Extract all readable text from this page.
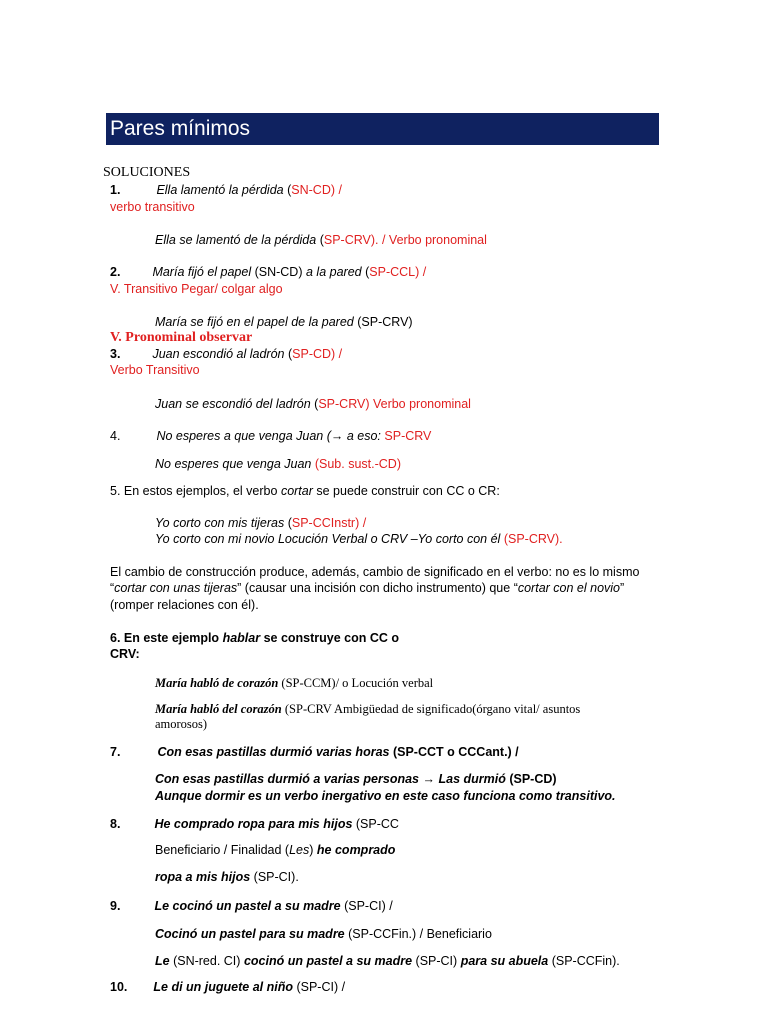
Pares mínimos
SOLUCIONES
1.	Ella lamentó la pérdida (SN-CD) /
verbo transitivo
Ella se lamentó de la pérdida (SP-CRV). / Verbo pronominal
2.	María fijó el papel (SN-CD) a la pared (SP-CCL) /
V. Transitivo Pegar/ colgar algo
María se fijó en el papel de la pared (SP-CRV)
V. Pronominal observar
3.	Juan escondió al ladrón (SP-CD) /
Verbo Transitivo
Juan se escondió del ladrón (SP-CRV) Verbo pronominal
4.	No esperes a que venga Juan (→ a eso: SP-CRV
No esperes que venga Juan (Sub. sust.-CD)
5. En estos ejemplos, el verbo cortar se puede construir con CC o CR:
Yo corto con mis tijeras (SP-CCInstr) /
Yo corto con mi novio Locución Verbal o CRV –Yo corto con él (SP-CRV).
El cambio de construcción produce, además, cambio de significado en el verbo: no es lo mismo
“cortar con unas tijeras” (causar una incisión con dicho instrumento) que “cortar con el novio”
(romper relaciones con él).
6. En este ejemplo hablar se construye con CC o
CRV:
María habló de corazón (SP-CCM)/ o Locución verbal
María habló del corazón (SP-CRV Ambigüedad de significado(órgano vital/ asuntos
amorosos)
7.	Con esas pastillas durmió varias horas (SP-CCT o CCCant.) /
Con esas pastillas durmió a varias personas → Las durmió (SP-CD)
Aunque dormir es un verbo inergativo en este caso funciona como transitivo.
8.	He comprado ropa para mis hijos (SP-CC
Beneficiario / Finalidad (Les) he comprado
ropa a mis hijos (SP-CI).
9.	Le cocinó un pastel a su madre (SP-CI) /
Cocinó un pastel para su madre (SP-CCFin.) / Beneficiario
Le (SN-red. CI) cocinó un pastel a su madre (SP-CI) para su abuela (SP-CCFin).
10. Le di un juguete al niño (SP-CI) /
